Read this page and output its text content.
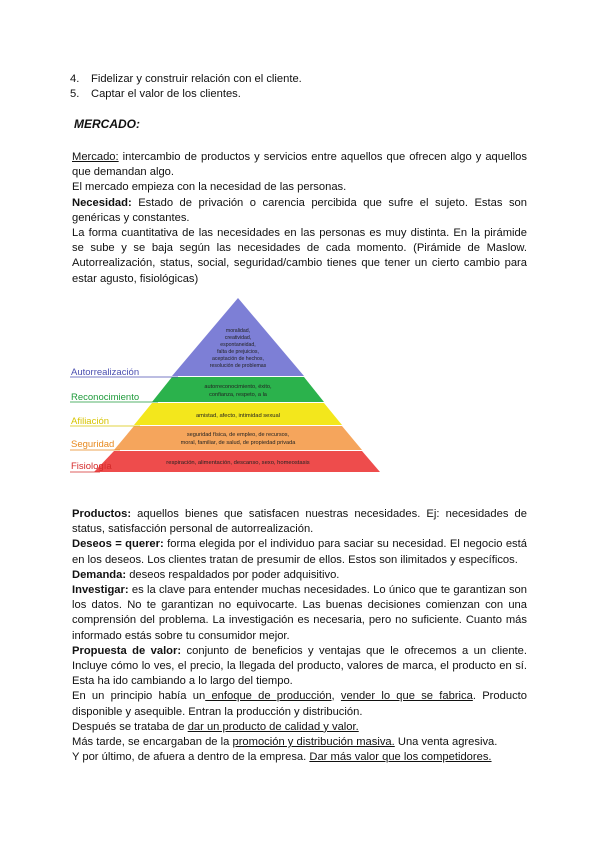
4. Fidelizar y construir relación con el cliente.
5. Captar el valor de los clientes.
MERCADO:

Mercado: intercambio de productos y servicios entre aquellos que ofrecen algo y aquellos que demandan algo.

El mercado empieza con la necesidad de las personas.

Necesidad: Estado de privación o carencia percibida que sufre el sujeto. Estas son genéricas y constantes.

La forma cuantitativa de las necesidades en las personas es muy distinta. En la pirámide se sube y se baja según las necesidades de cada momento. (Pirámide de Maslow. Autorrealización, status, social, seguridad/cambio tienes que tener un cierto cambio para estar agusto, fisiológicas)

moralidad,
creatividad,
espontaneidad,
falta de prejuicios,
aceptación de hechos,
resolución de problemas
autorreconocimiento, éxito,
confianza, respeto, a la
amistad, afecto, intimidad sexual
seguridad física, de empleo, de recursos,
moral, familiar, de salud, de propiedad privada
respiración, alimentación, descanso, sexo, homeostasis
Autorrealización
Reconocimiento
Afiliación
Seguridad
Fisiología

Productos: aquellos bienes que satisfacen nuestras necesidades. Ej: necesidades de status, satisfacción personal de autorrealización.

Deseos = querer: forma elegida por el individuo para saciar su necesidad. El negocio está en los deseos. Los clientes tratan de presumir de ellos. Estos son ilimitados y específicos.

Demanda: deseos respaldados por poder adquisitivo.

Investigar: es la clave para entender muchas necesidades. Lo único que te garantizan son los datos. No te garantizan no equivocarte. Las buenas decisiones comienzan con una comprensión del problema. La investigación es necesaria, pero no suficiente. Cuanto más informado estás sobre tu consumidor mejor.

Propuesta de valor: conjunto de beneficios y ventajas que le ofrecemos a un cliente. Incluye cómo lo ves, el precio, la llegada del producto, valores de marca, el producto en sí. Esta ha ido cambiando a lo largo del tiempo.

En un principio había un enfoque de producción, vender lo que se fabrica. Producto disponible y asequible. Entran la producción y distribución.

Después se trataba de dar un producto de calidad y valor.

Más tarde, se encargaban de la promoción y distribución masiva. Una venta agresiva.

Y por último, de afuera a dentro de la empresa. Dar más valor que los competidores.
